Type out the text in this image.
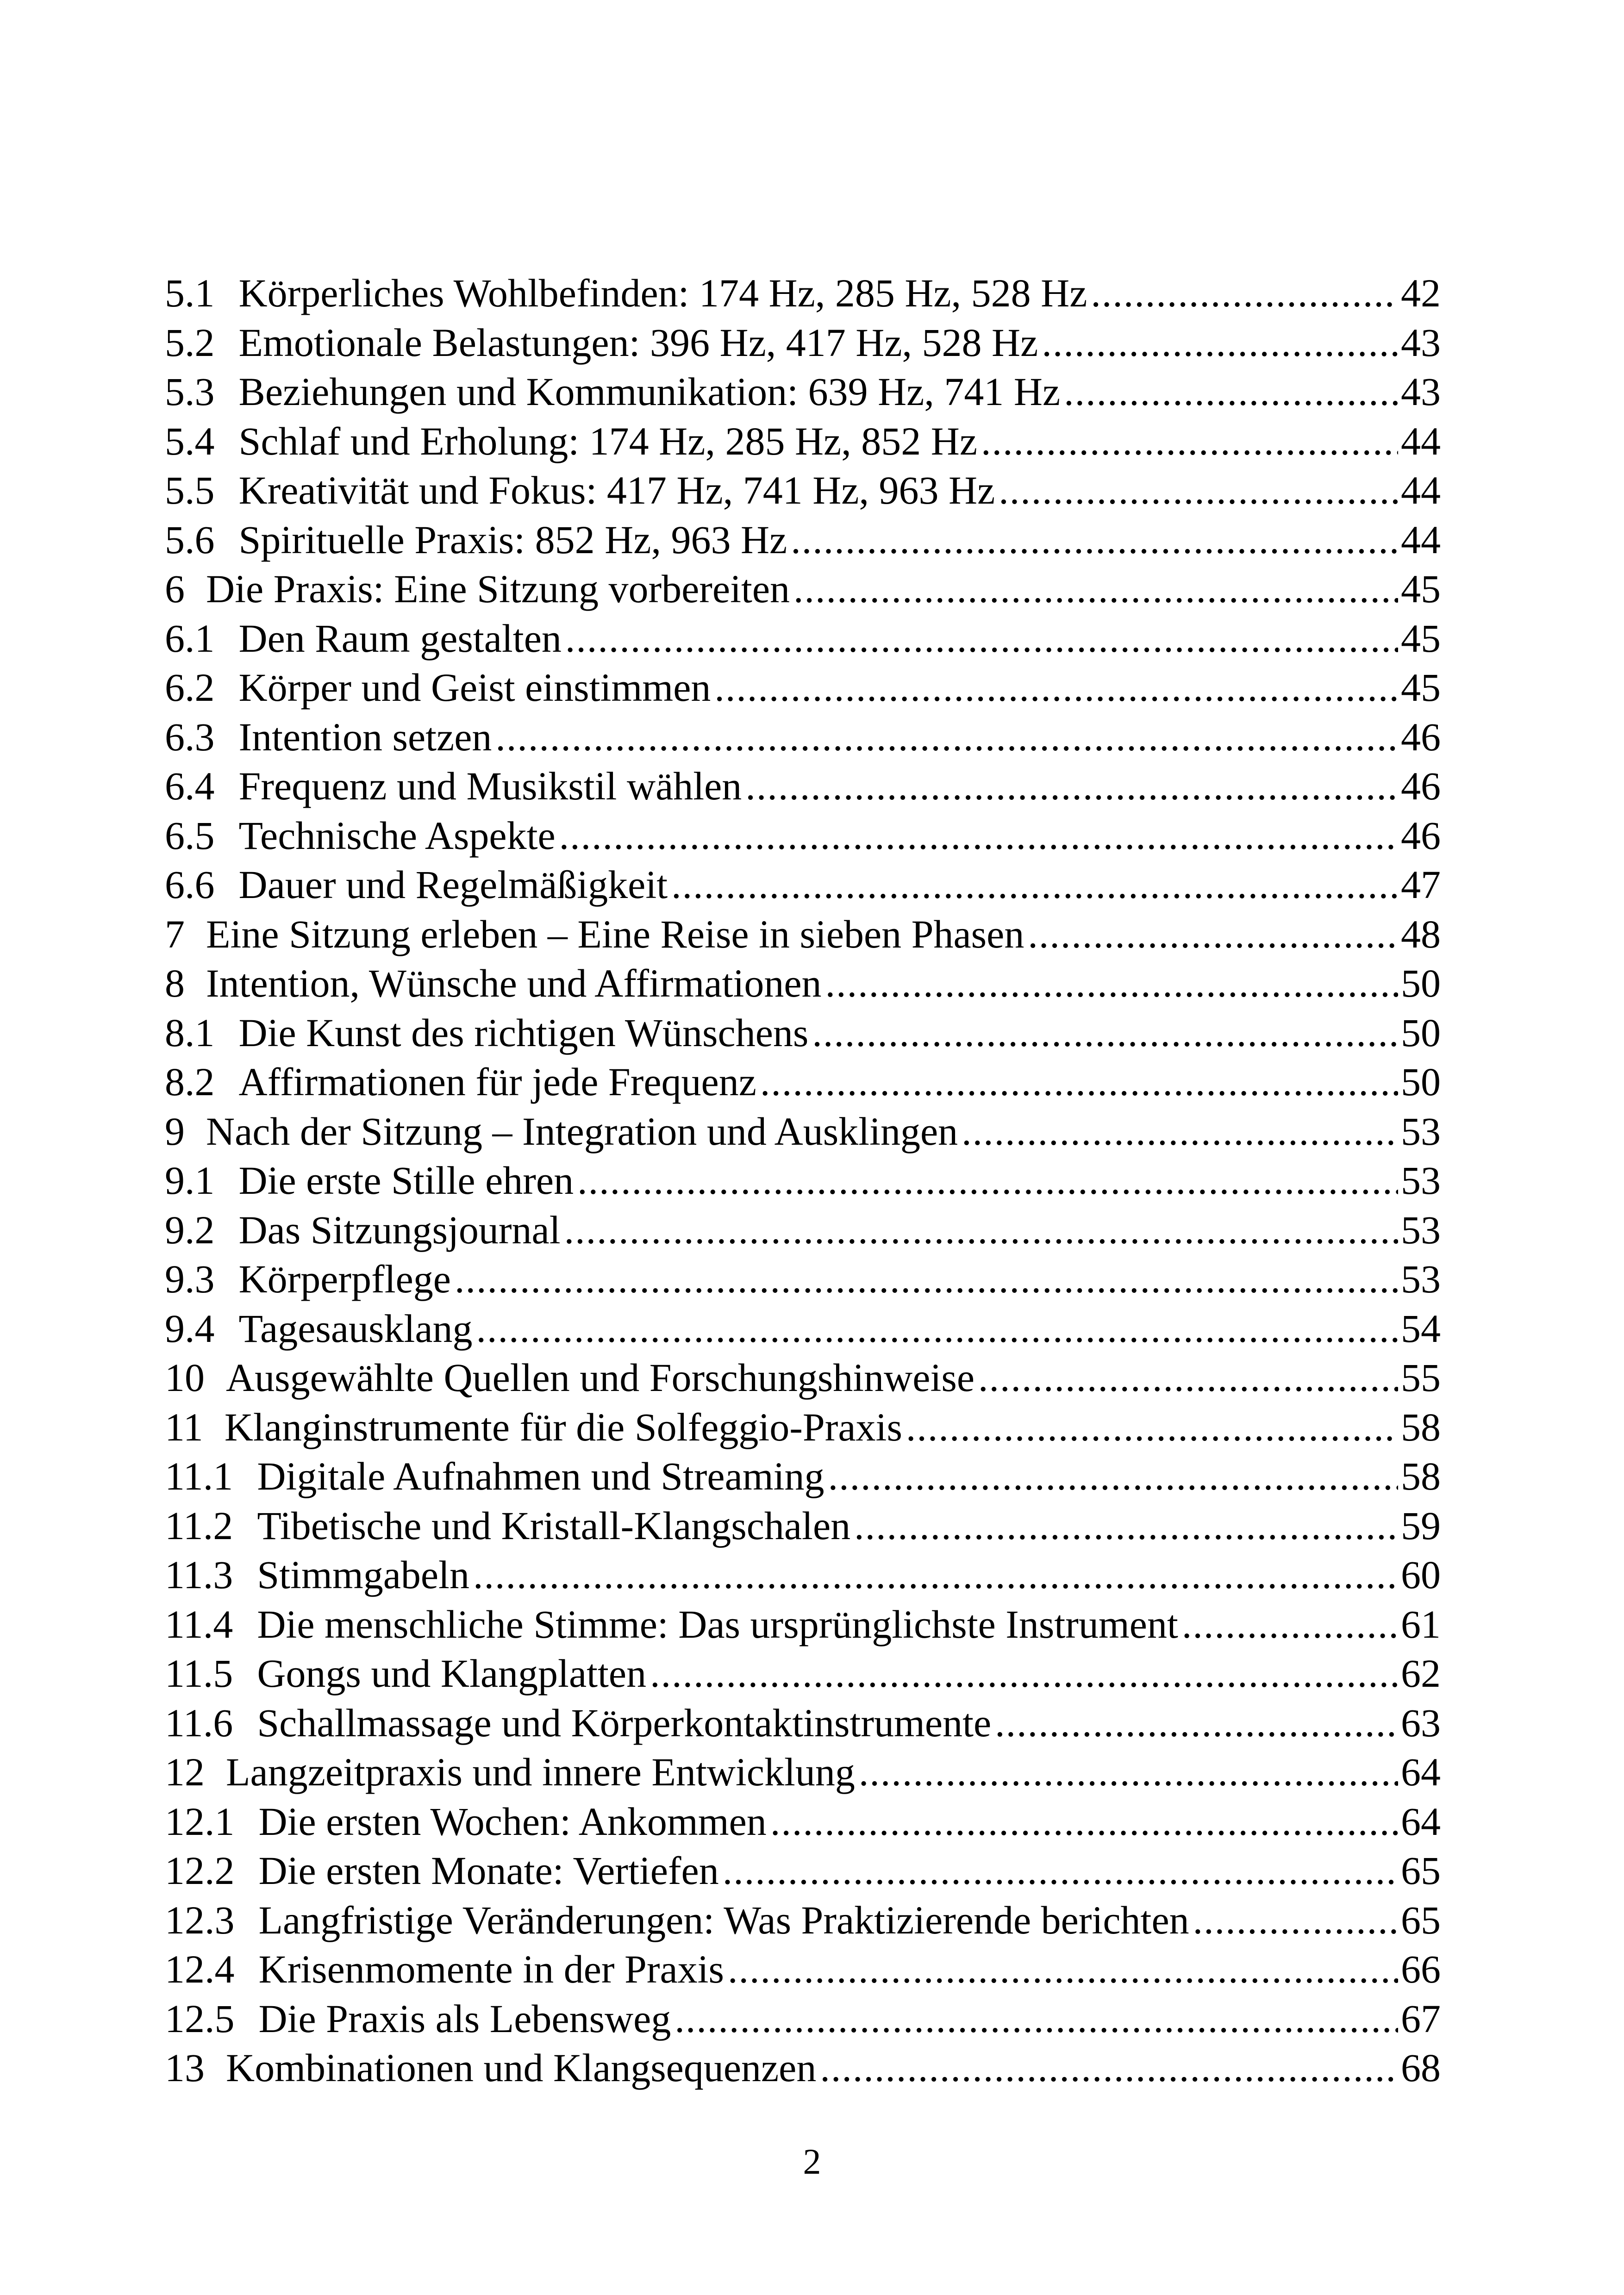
5.1 Körperliches Wohlbefinden: 174 Hz, 285 Hz, 528 Hz .....	42
5.2 Emotionale Belastungen: 396 Hz, 417 Hz, 528 Hz .....	43
5.3 Beziehungen und Kommunikation: 639 Hz, 741 Hz .....	43
5.4 Schlaf und Erholung: 174 Hz, 285 Hz, 852 Hz .....	44
5.5 Kreativität und Fokus: 417 Hz, 741 Hz, 963 Hz .....	44
5.6 Spirituelle Praxis: 852 Hz, 963 Hz .....	44
6 Die Praxis: Eine Sitzung vorbereiten .....	45
6.1 Den Raum gestalten .....	45
6.2 Körper und Geist einstimmen .....	45
6.3 Intention setzen .....	46
6.4 Frequenz und Musikstil wählen .....	46
6.5 Technische Aspekte .....	46
6.6 Dauer und Regelmäßigkeit .....	47
7 Eine Sitzung erleben – Eine Reise in sieben Phasen .....	48
8 Intention, Wünsche und Affirmationen .....	50
8.1 Die Kunst des richtigen Wünschens .....	50
8.2 Affirmationen für jede Frequenz .....	50
9 Nach der Sitzung – Integration und Ausklingen .....	53
9.1 Die erste Stille ehren .....	53
9.2 Das Sitzungsjournal .....	53
9.3 Körperpflege .....	53
9.4 Tagesausklang .....	54
10 Ausgewählte Quellen und Forschungshinweise .....	55
11 Klanginstrumente für die Solfeggio-Praxis .....	58
11.1 Digitale Aufnahmen und Streaming .....	58
11.2 Tibetische und Kristall-Klangschalen .....	59
11.3 Stimmgabeln .....	60
11.4 Die menschliche Stimme: Das ursprünglichste Instrument .....	61
11.5 Gongs und Klangplatten .....	62
11.6 Schallmassage und Körperkontaktinstrumente .....	63
12 Langzeitpraxis und innere Entwicklung .....	64
12.1 Die ersten Wochen: Ankommen .....	64
12.2 Die ersten Monate: Vertiefen .....	65
12.3 Langfristige Veränderungen: Was Praktizierende berichten .....	65
12.4 Krisenmomente in der Praxis .....	66
12.5 Die Praxis als Lebensweg .....	67
13 Kombinationen und Klangsequenzen .....	68
2
